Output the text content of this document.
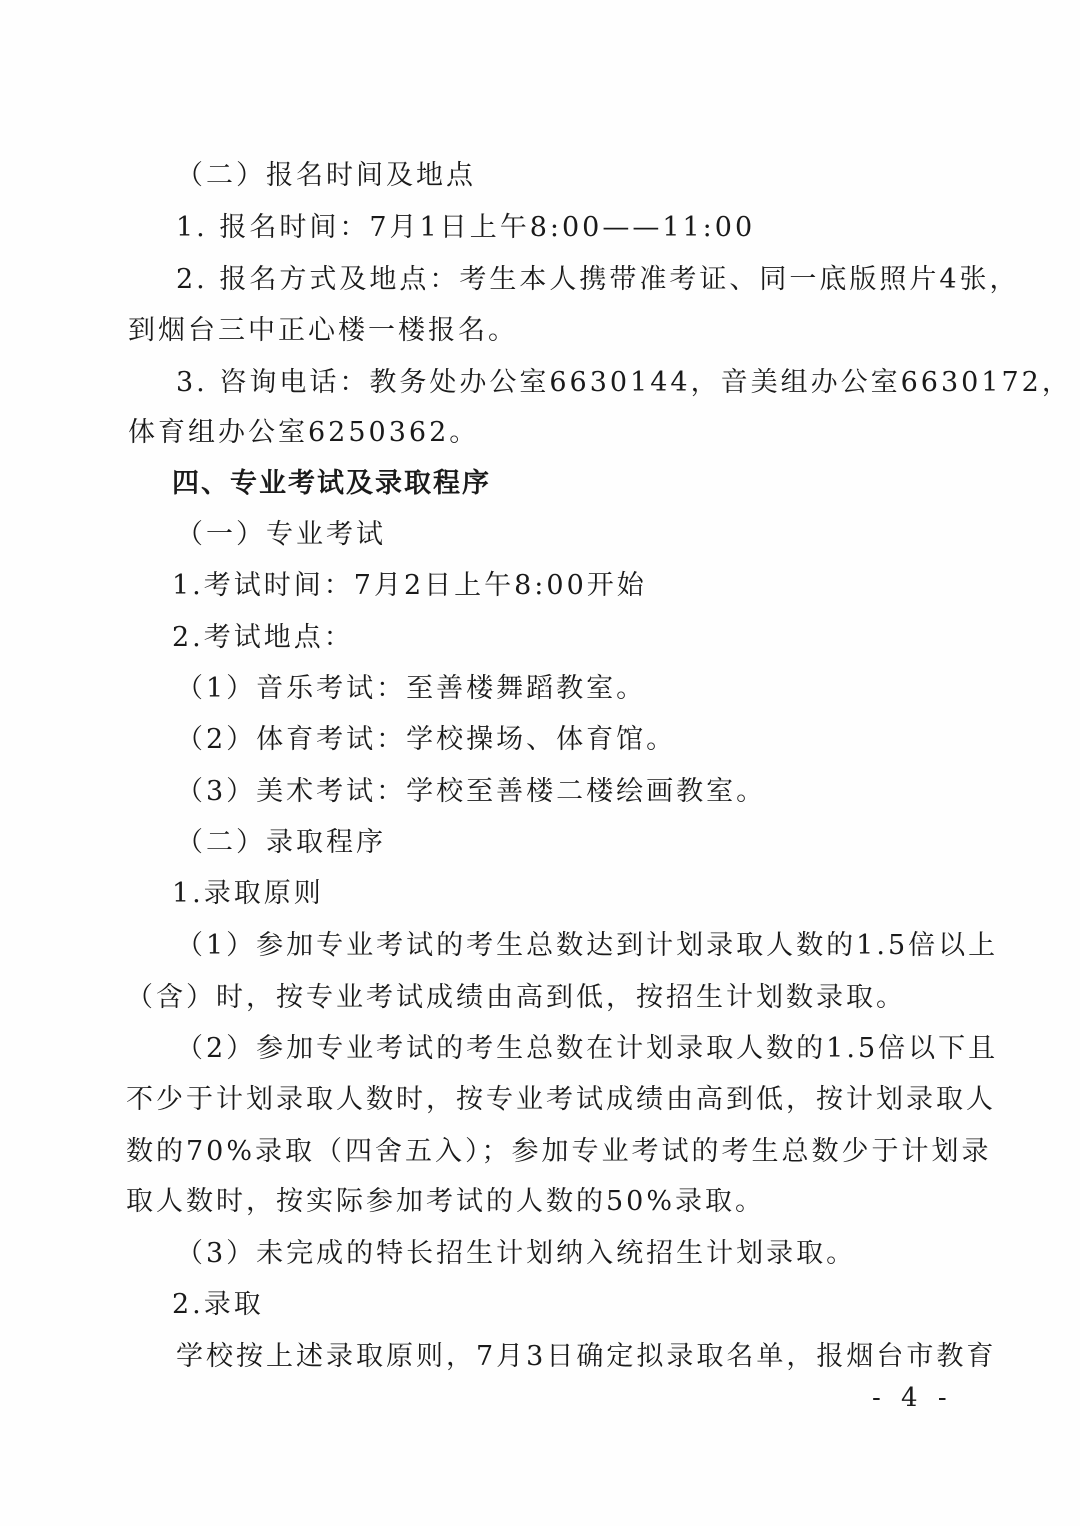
（二）报名时间及地点
1. 报名时间：7月1日上午8:00——11:00
2. 报名方式及地点：考生本人携带准考证、同一底版照片4张，
到烟台三中正心楼一楼报名。
3. 咨询电话：教务处办公室6630144，音美组办公室6630172，
体育组办公室6250362。
四、专业考试及录取程序
（一）专业考试
1.考试时间：7月2日上午8:00开始
2.考试地点：
（1）音乐考试：至善楼舞蹈教室。
（2）体育考试：学校操场、体育馆。
（3）美术考试：学校至善楼二楼绘画教室。
（二）录取程序
1.录取原则
（1）参加专业考试的考生总数达到计划录取人数的1.5倍以上
（含）时，按专业考试成绩由高到低，按招生计划数录取。
（2）参加专业考试的考生总数在计划录取人数的1.5倍以下且
不少于计划录取人数时，按专业考试成绩由高到低，按计划录取人
数的70%录取（四舍五入）；参加专业考试的考生总数少于计划录
取人数时，按实际参加考试的人数的50%录取。
（3）未完成的特长招生计划纳入统招生计划录取。
2.录取
学校按上述录取原则，7月3日确定拟录取名单，报烟台市教育
- 4 -
